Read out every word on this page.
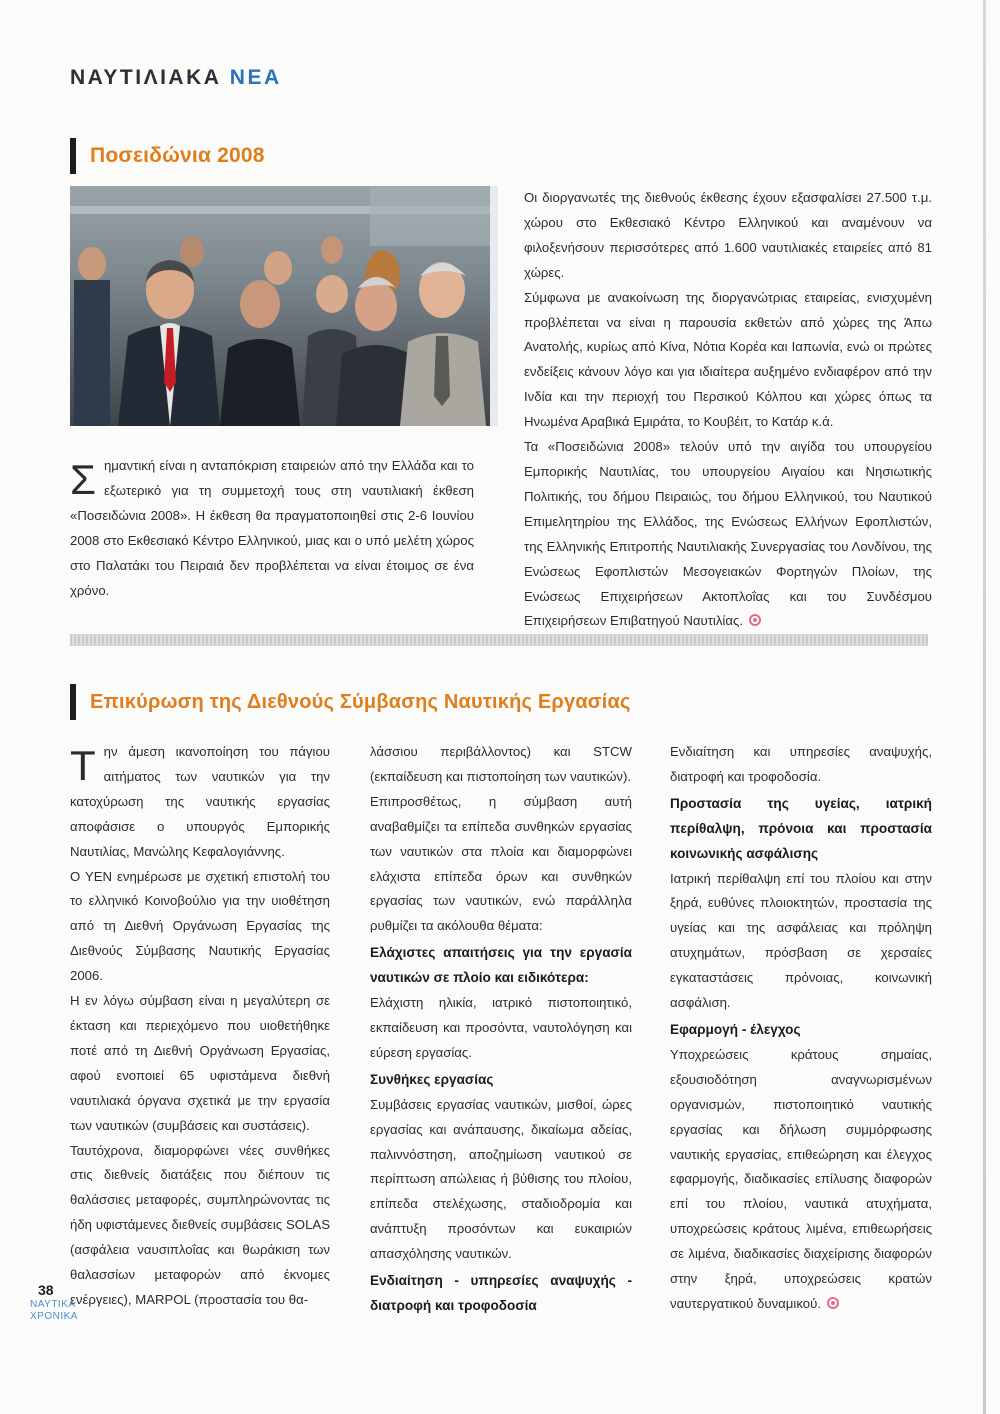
ΝΑΥΤΙΛΙΑΚΑ ΝΕΑ
Ποσειδώνια 2008

Σημαντική είναι η ανταπόκριση εταιρειών από την Ελλάδα και το εξωτερικό για τη συμμετοχή τους στη ναυτιλιακή έκθεση «Ποσειδώνια 2008». Η έκθεση θα πραγματοποιηθεί στις 2-6 Ιουνίου 2008 στο Εκθεσιακό Κέντρο Ελληνικού, μιας και ο υπό μελέτη χώρος στο Παλατάκι του Πειραιά δεν προβλέπεται να είναι έτοιμος σε ένα χρόνο.

Οι διοργανωτές της διεθνούς έκθεσης έχουν εξασφαλίσει 27.500 τ.μ. χώρου στο Εκθεσιακό Κέντρο Ελληνικού και αναμένουν να φιλοξενήσουν περισσότερες από 1.600 ναυτιλιακές εταιρείες από 81 χώρες.

Σύμφωνα με ανακοίνωση της διοργανώτριας εταιρείας, ενισχυμένη προβλέπεται να είναι η παρουσία εκθετών από χώρες της Άπω Ανατολής, κυρίως από Κίνα, Νότια Κορέα και Ιαπωνία, ενώ οι πρώτες ενδείξεις κάνουν λόγο και για ιδιαίτερα αυξημένο ενδιαφέρον από την Ινδία και την περιοχή του Περσικού Κόλπου και χώρες όπως τα Ηνωμένα Αραβικά Εμιράτα, το Κουβέιτ, το Κατάρ κ.ά.

Τα «Ποσειδώνια 2008» τελούν υπό την αιγίδα του υπουργείου Εμπορικής Ναυτιλίας, του υπουργείου Αιγαίου και Νησιωτικής Πολιτικής, του δήμου Πειραιώς, του δήμου Ελληνικού, του Ναυτικού Επιμελητηρίου της Ελλάδος, της Ενώσεως Ελλήνων Εφοπλιστών, της Ελληνικής Επιτροπής Ναυτιλιακής Συνεργασίας του Λονδίνου, της Ενώσεως Εφοπλιστών Μεσογειακών Φορτηγών Πλοίων, της Ενώσεως Επιχειρήσεων Ακτοπλοΐας και του Συνδέσμου Επιχειρήσεων Επιβατηγού Ναυτιλίας.

Επικύρωση της Διεθνούς Σύμβασης Ναυτικής Εργασίας

Την άμεση ικανοποίηση του πάγιου αιτήματος των ναυτικών για την κατοχύρωση της ναυτικής εργασίας αποφάσισε ο υπουργός Εμπορικής Ναυτιλίας, Μανώλης Κεφαλογιάννης.

Ο ΥΕΝ ενημέρωσε με σχετική επιστολή του το ελληνικό Κοινοβούλιο για την υιοθέτηση από τη Διεθνή Οργάνωση Εργασίας της Διεθνούς Σύμβασης Ναυτικής Εργασίας 2006.

Η εν λόγω σύμβαση είναι η μεγαλύτερη σε έκταση και περιεχόμενο που υιοθετήθηκε ποτέ από τη Διεθνή Οργάνωση Εργασίας, αφού ενοποιεί 65 υφιστάμενα διεθνή ναυτιλιακά όργανα σχετικά με την εργασία των ναυτικών (συμβάσεις και συστάσεις).

Ταυτόχρονα, διαμορφώνει νέες συνθήκες στις διεθνείς διατάξεις που διέπουν τις θαλάσσιες μεταφορές, συμπληρώνοντας τις ήδη υφιστάμενες διεθνείς συμβάσεις SOLAS (ασφάλεια ναυσιπλοΐας και θωράκιση των θαλασσίων μεταφορών από έκνομες ενέργειες), MARPOL (προστασία του θα-

λάσσιου περιβάλλοντος) και STCW (εκπαίδευση και πιστοποίηση των ναυτικών).

Επιπροσθέτως, η σύμβαση αυτή αναβαθμίζει τα επίπεδα συνθηκών εργασίας των ναυτικών στα πλοία και διαμορφώνει ελάχιστα επίπεδα όρων και συνθηκών εργασίας των ναυτικών, ενώ παράλληλα ρυθμίζει τα ακόλουθα θέματα:

Ελάχιστες απαιτήσεις για την εργασία ναυτικών σε πλοίο και ειδικότερα:

Ελάχιστη ηλικία, ιατρικό πιστοποιητικό, εκπαίδευση και προσόντα, ναυτολόγηση και εύρεση εργασίας.

Συνθήκες εργασίας

Συμβάσεις εργασίας ναυτικών, μισθοί, ώρες εργασίας και ανάπαυσης, δικαίωμα αδείας, παλιννόστηση, αποζημίωση ναυτικού σε περίπτωση απώλειας ή βύθισης του πλοίου, επίπεδα στελέχωσης, σταδιοδρομία και ανάπτυξη προσόντων και ευκαιριών απασχόλησης ναυτικών.

Ενδιαίτηση - υπηρεσίες αναψυχής - διατροφή και τροφοδοσία

Ενδιαίτηση και υπηρεσίες αναψυχής, διατροφή και τροφοδοσία.

Προστασία της υγείας, ιατρική περίθαλψη, πρόνοια και προστασία κοινωνικής ασφάλισης

Ιατρική περίθαλψη επί του πλοίου και στην ξηρά, ευθύνες πλοιοκτητών, προστασία της υγείας και της ασφάλειας και πρόληψη ατυχημάτων, πρόσβαση σε χερσαίες εγκαταστάσεις πρόνοιας, κοινωνική ασφάλιση.

Εφαρμογή - έλεγχος

Υποχρεώσεις κράτους σημαίας, εξουσιοδότηση αναγνωρισμένων οργανισμών, πιστοποιητικό ναυτικής εργασίας και δήλωση συμμόρφωσης ναυτικής εργασίας, επιθεώρηση και έλεγχος εφαρμογής, διαδικασίες επίλυσης διαφορών επί του πλοίου, ναυτικά ατυχήματα, υποχρεώσεις κράτους λιμένα, επιθεωρήσεις σε λιμένα, διαδικασίες διαχείρισης διαφορών στην ξηρά, υποχρεώσεις κρατών ναυτεργατικού δυναμικού.

38
ΝΑΥΤΙΚΑ
ΧΡΟΝΙΚΑ
